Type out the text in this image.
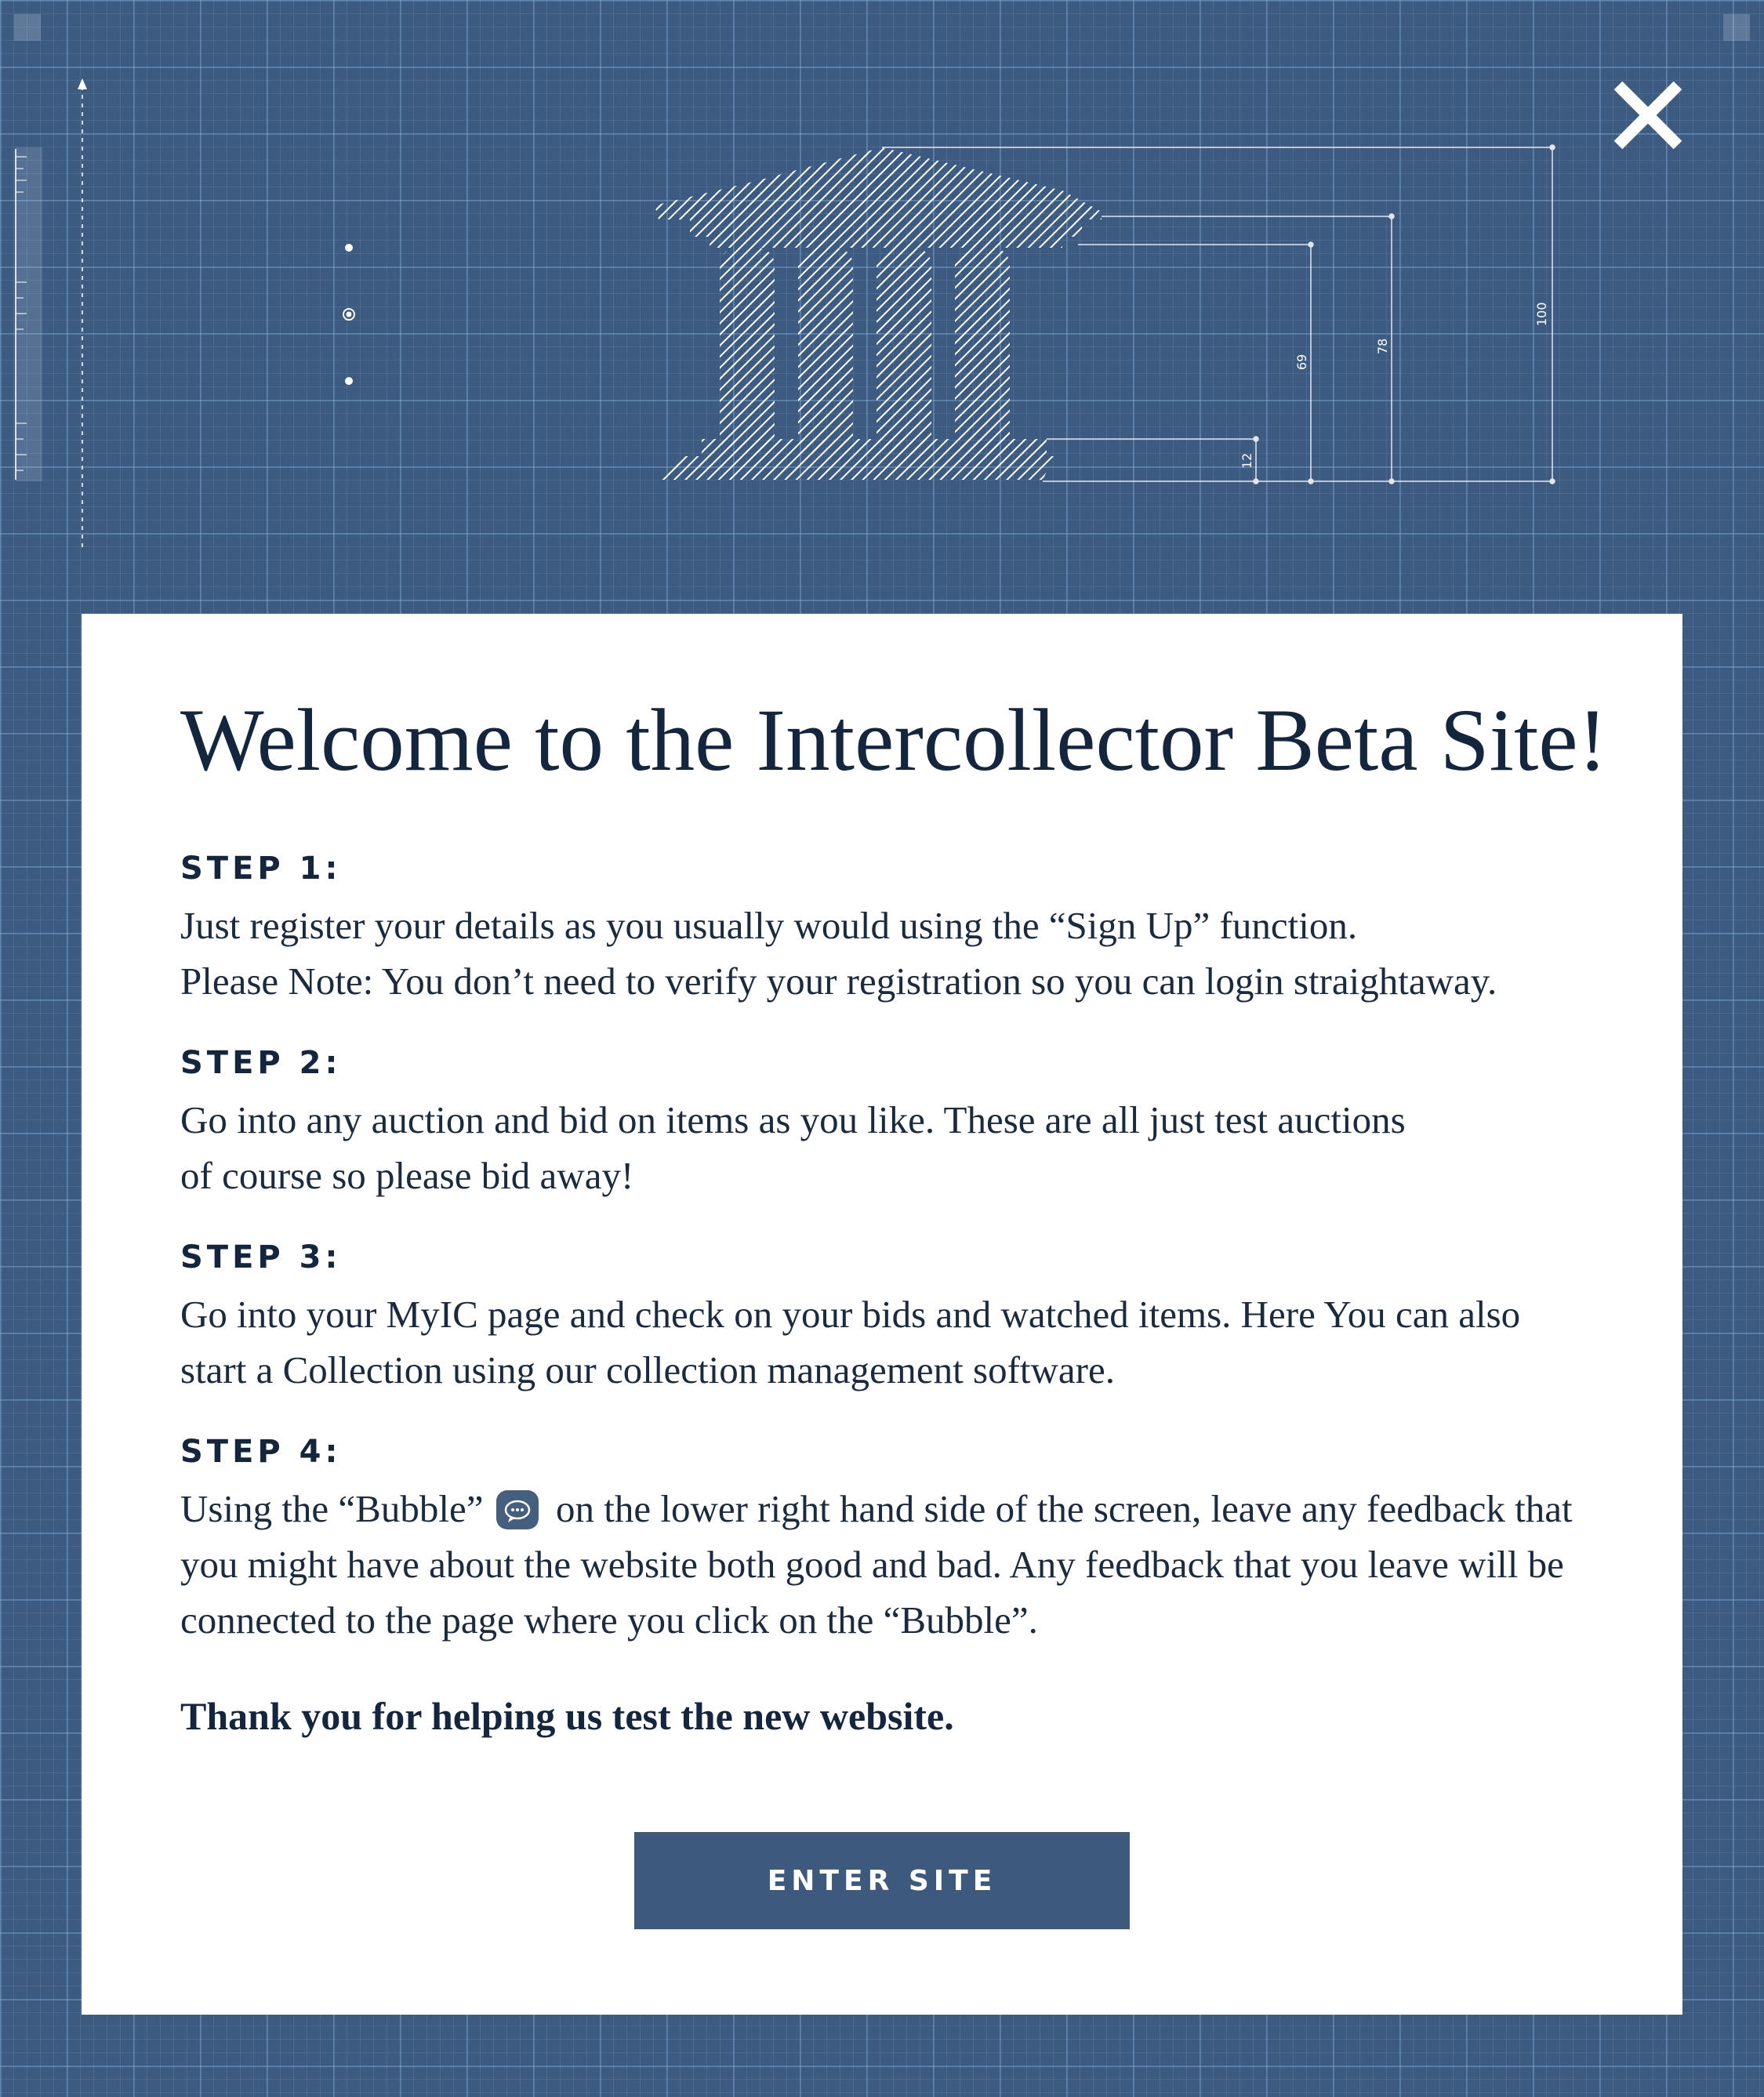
12
69
78
100
Welcome to the Intercollector Beta Site!
STEP 1:
Just register your details as you usually would using the “Sign Up” function.
Please Note: You don’t need to verify your registration so you can login straightaway.
STEP 2:
Go into any auction and bid on items as you like. These are all just test auctions
of course so please bid away!
STEP 3:
Go into your MyIC page and check on your bids and watched items. Here You can also
start a Collection using our collection management software.
STEP 4:
Using the “Bubble” on the lower right hand side of the screen, leave any feedback that
you might have about the website both good and bad. Any feedback that you leave will be
connected to the page where you click on the “Bubble”.
Thank you for helping us test the new website.
ENTER SITE
